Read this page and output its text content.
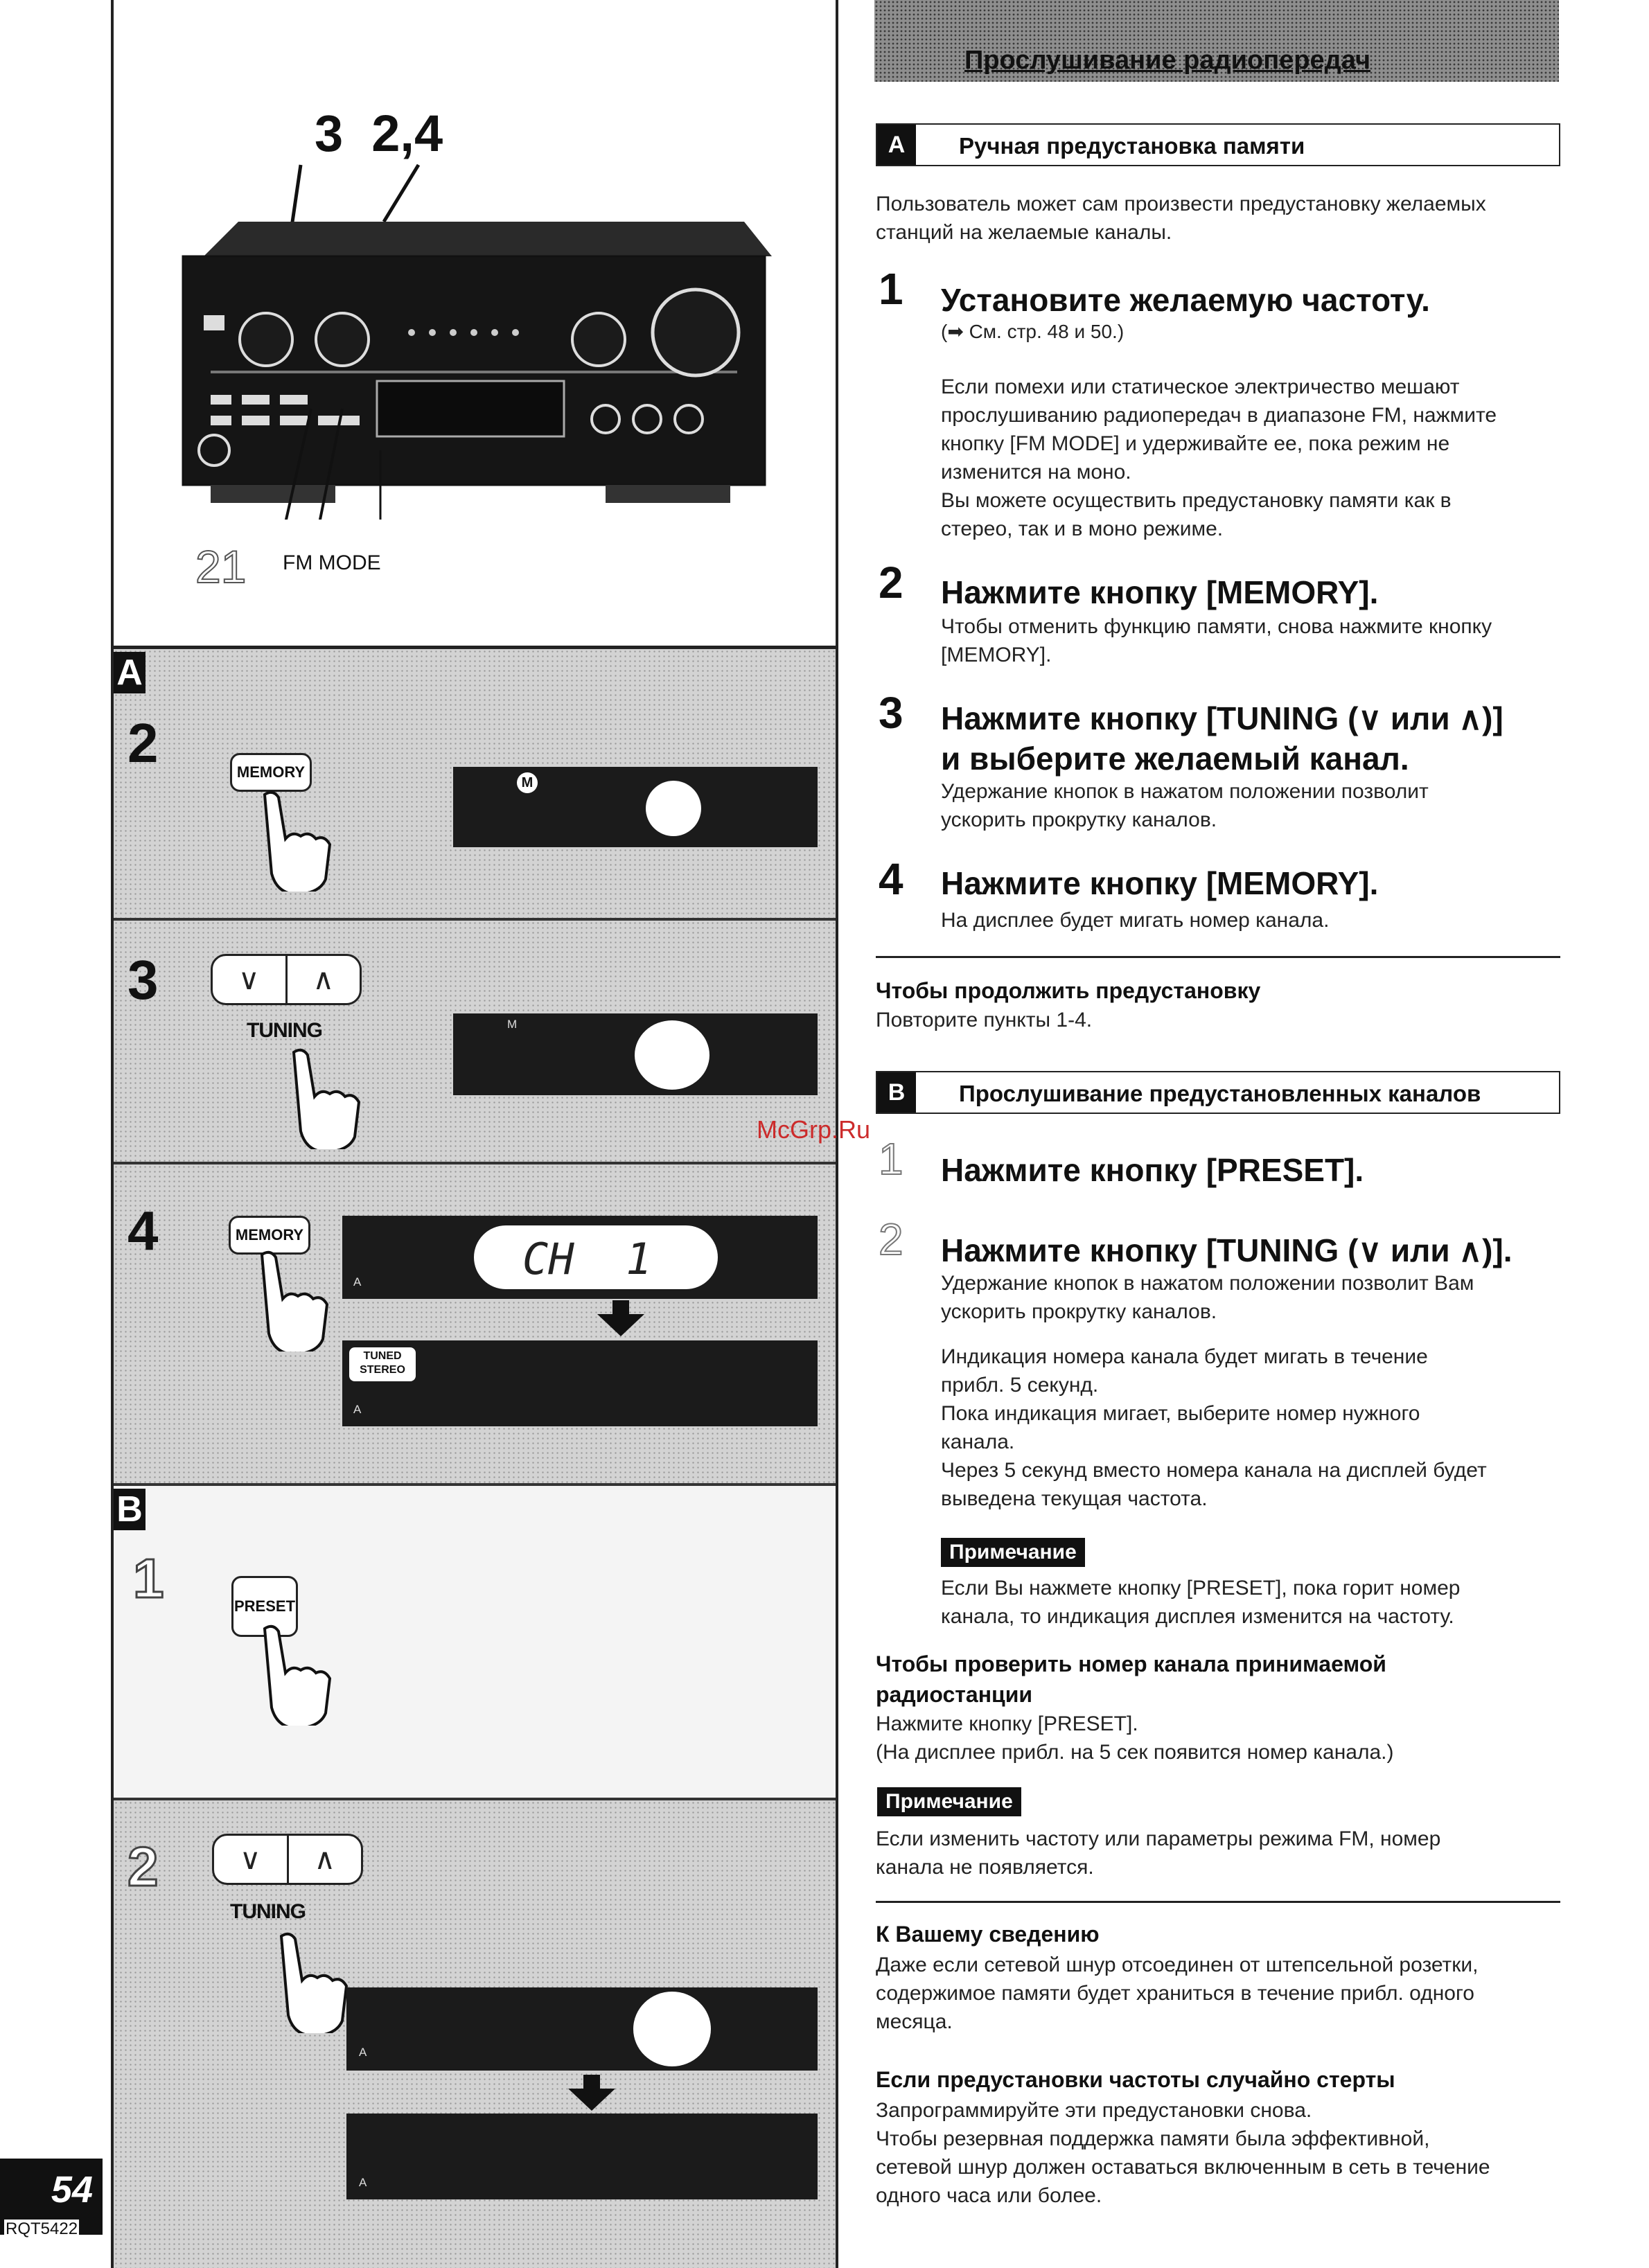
3  2,4
21 FM MODE
A
2	MEMORY
M
3	∨	∧
TUNING	M
4	MEMORY
A	CH  1
TUNED
STEREO
A
B
1	PRESET
2	∨	∧
TUNING
A
A
Прослушивание радиопередач
A	Ручная предустановка памяти
Пользователь может сам произвести предустановку желаемых
станций на желаемые каналы.
1 Установите желаемую частоту.
(➡ См. стр. 48 и 50.)
Если помехи или статическое электричество мешают
прослушиванию радиопередач в диапазоне FM, нажмите
кнопку [FM MODE] и удерживайте ее, пока режим не
изменится на моно.
Вы можете осуществить предустановку памяти как в
стерео, так и в моно режиме.
2 Нажмите кнопку [MEMORY].
Чтобы отменить функцию памяти, снова нажмите кнопку
[MEMORY].
3 Нажмите кнопку [TUNING (∨ или ∧)]
и выберите желаемый канал.
Удержание кнопок в нажатом положении позволит
ускорить прокрутку каналов.
4 Нажмите кнопку [MEMORY].
На дисплее будет мигать номер канала.
Чтобы продолжить предустановку
Повторите пункты 1-4.
B	Прослушивание предустановленных каналов
1 Нажмите кнопку [PRESET].
2 Нажмите кнопку [TUNING (∨ или ∧)].
Удержание кнопок в нажатом положении позволит Вам
ускорить прокрутку каналов.
Индикация номера канала будет мигать в течение
прибл. 5 секунд.
Пока индикация мигает, выберите номер нужного
канала.
Через 5 секунд вместо номера канала на дисплей будет
выведена текущая частота.
Примечание
Если Вы нажмете кнопку [PRESET], пока горит номер
канала, то индикация дисплея изменится на частоту.
Чтобы проверить номер канала принимаемой
радиостанции
Нажмите кнопку [PRESET].
(На дисплее прибл. на 5 сек появится номер канала.)
Примечание
Если изменить частоту или параметры режима FM, номер
канала не появляется.
К Вашему сведению
Даже если сетевой шнур отсоединен от штепсельной розетки,
содержимое памяти будет храниться в течение прибл. одного
месяца.
Если предустановки частоты случайно стерты
Запрограммируйте эти предустановки снова.
Чтобы резервная поддержка памяти была эффективной,
сетевой шнур должен оставаться включенным в сеть в течение
одного часа или более.
54
RQT5422
McGrp.Ru
